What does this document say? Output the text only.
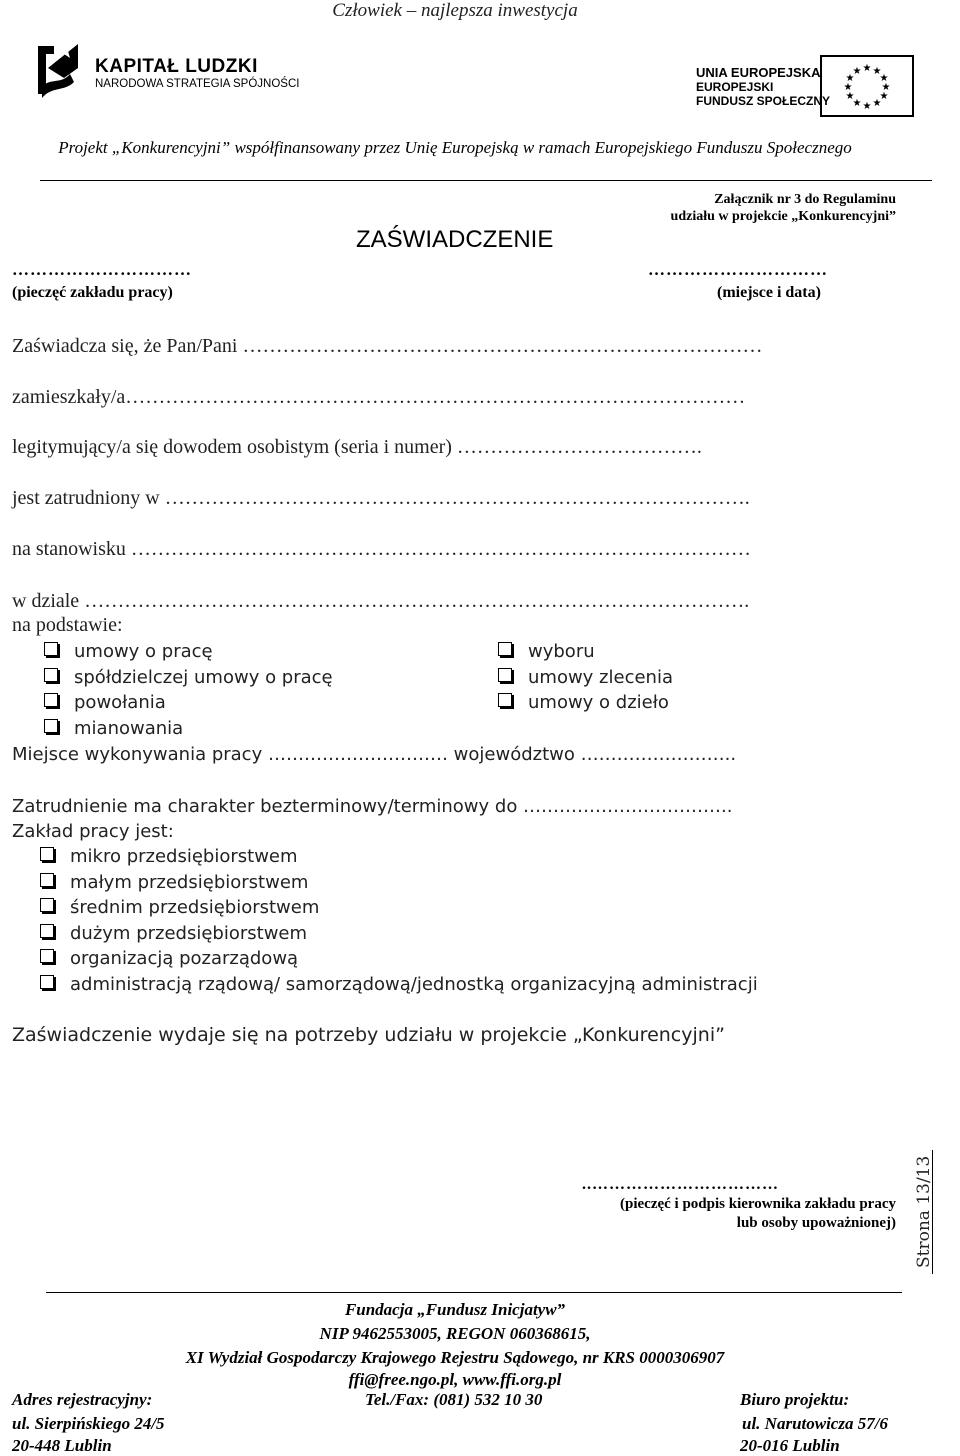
Człowiek – najlepsza inwestycja
KAPITAŁ LUDZKI
NARODOWA STRATEGIA SPÓJNOŚCI
UNIA EUROPEJSKA
EUROPEJSKI
FUNDUSZ SPOŁECZNY
★ ★
★
★
★
★
★
★
★
★
★
★
Projekt „Konkurencyjni” współfinansowany przez Unię Europejską w ramach Europejskiego Funduszu Społecznego
Załącznik nr 3 do Regulaminu
udziału w projekcie „Konkurencyjni”
ZAŚWIADCZENIE
…………………………	…………………………
(pieczęć zakładu pracy)	(miejsce i data)
Zaświadcza się, że Pan/Pani ……………………………………………………………………
zamieszkały/a…………………………………………………………………………………
legitymujący/a się dowodem osobistym (seria i numer) ……………………………….
jest zatrudniony w …………………………………………………………………………….
na stanowisku …………………………………………………………………………………
w dziale ……………………………………………………………………………………….
na podstawie:
umowy o pracę
spółdzielczej umowy o pracę
powołania
mianowania
wyboru
umowy zlecenia
umowy o dzieło
Miejsce wykonywania pracy ………………………… województwo ……………………..
Zatrudnienie ma charakter bezterminowy/terminowy do ……………………………..
Zakład pracy jest:
mikro przedsiębiorstwem
małym przedsiębiorstwem
średnim przedsiębiorstwem
dużym przedsiębiorstwem
organizacją pozarządową
administracją rządową/ samorządową/jednostką organizacyjną administracji
Zaświadczenie wydaje się na potrzeby udziału w projekcie „Konkurencyjni”
..……………………………
(pieczęć i podpis kierownika zakładu pracy
lub osoby upoważnionej) Strona 13/13
Fundacja „Fundusz Inicjatyw”
NIP 9462553005, REGON 060368615,
XI Wydział Gospodarczy Krajowego Rejestru Sądowego, nr KRS 0000306907
ffi@free.ngo.pl, www.ffi.org.pl
Adres rejestracyjny:
ul. Sierpińskiego 24/5
20-448 Lublin
Tel./Fax: (081) 532 10 30	Biuro projektu:
ul. Narutowicza 57/6
20-016 Lublin
